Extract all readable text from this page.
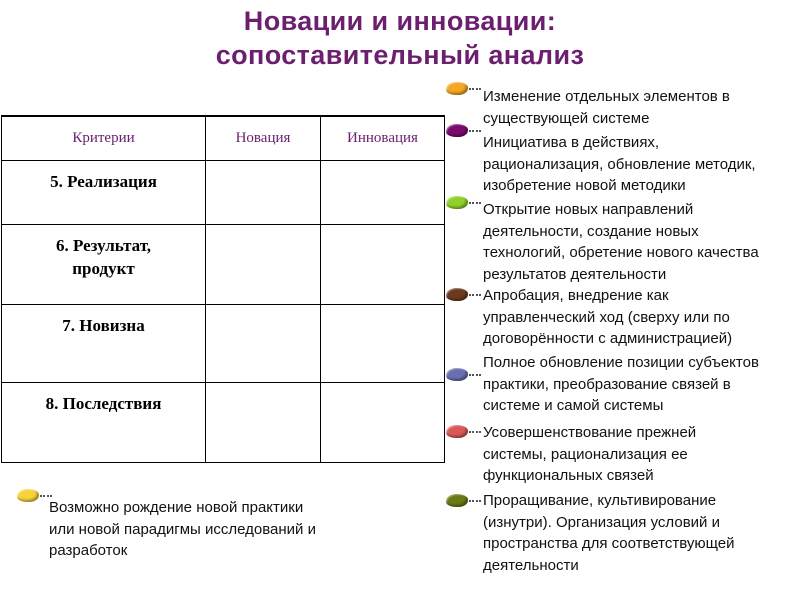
Новации и инновации:
сопоставительный анализ
Критерии	Новация	Инновация
5. Реализация		
6. Результат, продукт		
7. Новизна		
8. Последствия		
Изменение отдельных элементов в
существующей системе
Инициатива в действиях,
рационализация, обновление методик,
изобретение новой методики
Открытие новых направлений
деятельности, создание новых
технологий, обретение нового качества
результатов деятельности
Апробация, внедрение как
управленческий ход (сверху или по
договорённости с администрацией)
Полное обновление позиции субъектов
практики, преобразование связей в
системе и самой системы
Усовершенствование прежней
системы, рационализация ее
функциональных связей
Проращивание, культивирование
(изнутри). Организация условий и
пространства для соответствующей
деятельности
Возможно рождение новой практики
или новой парадигмы исследований и
разработок
